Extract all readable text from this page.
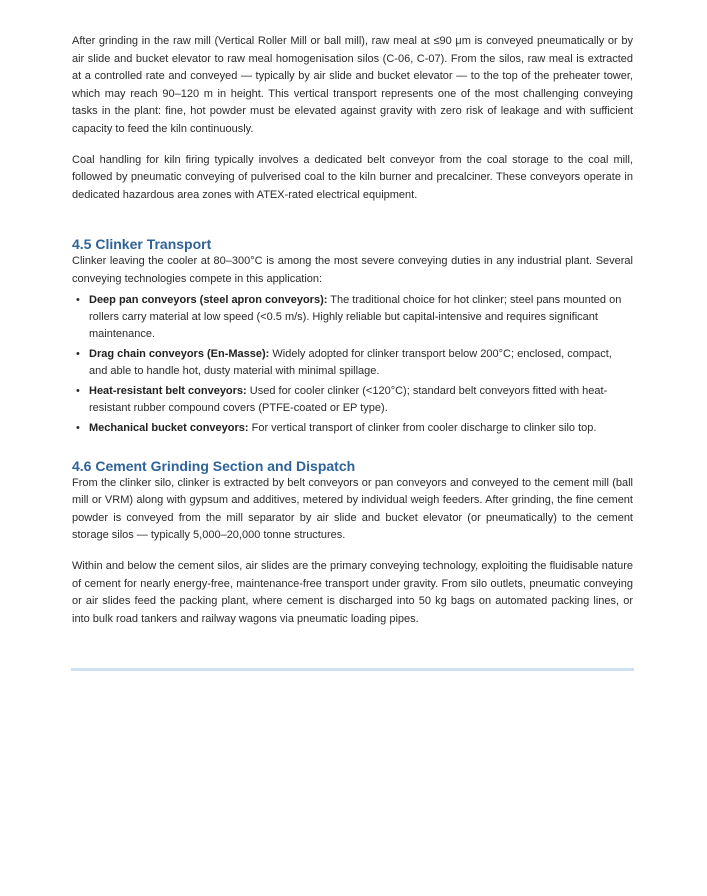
After grinding in the raw mill (Vertical Roller Mill or ball mill), raw meal at ≤90 μm is conveyed pneumatically or by air slide and bucket elevator to raw meal homogenisation silos (C-06, C-07). From the silos, raw meal is extracted at a controlled rate and conveyed — typically by air slide and bucket elevator — to the top of the preheater tower, which may reach 90–120 m in height. This vertical transport represents one of the most challenging conveying tasks in the plant: fine, hot powder must be elevated against gravity with zero risk of leakage and with sufficient capacity to feed the kiln continuously.

Coal handling for kiln firing typically involves a dedicated belt conveyor from the coal storage to the coal mill, followed by pneumatic conveying of pulverised coal to the kiln burner and precalciner. These conveyors operate in dedicated hazardous area zones with ATEX-rated electrical equipment.

4.5 Clinker Transport

Clinker leaving the cooler at 80–300°C is among the most severe conveying duties in any industrial plant. Several conveying technologies compete in this application:

• Deep pan conveyors (steel apron conveyors): The traditional choice for hot clinker; steel pans mounted on rollers carry material at low speed (<0.5 m/s). Highly reliable but capital-intensive and requires significant maintenance.
• Drag chain conveyors (En-Masse): Widely adopted for clinker transport below 200°C; enclosed, compact, and able to handle hot, dusty material with minimal spillage.
• Heat-resistant belt conveyors: Used for cooler clinker (<120°C); standard belt conveyors fitted with heat-resistant rubber compound covers (PTFE-coated or EP type).
• Mechanical bucket conveyors: For vertical transport of clinker from cooler discharge to clinker silo top.
4.6 Cement Grinding Section and Dispatch

From the clinker silo, clinker is extracted by belt conveyors or pan conveyors and conveyed to the cement mill (ball mill or VRM) along with gypsum and additives, metered by individual weigh feeders. After grinding, the fine cement powder is conveyed from the mill separator by air slide and bucket elevator (or pneumatically) to the cement storage silos — typically 5,000–20,000 tonne structures.

Within and below the cement silos, air slides are the primary conveying technology, exploiting the fluidisable nature of cement for nearly energy-free, maintenance-free transport under gravity. From silo outlets, pneumatic conveying or air slides feed the packing plant, where cement is discharged into 50 kg bags on automated packing lines, or into bulk road tankers and railway wagons via pneumatic loading pipes.
